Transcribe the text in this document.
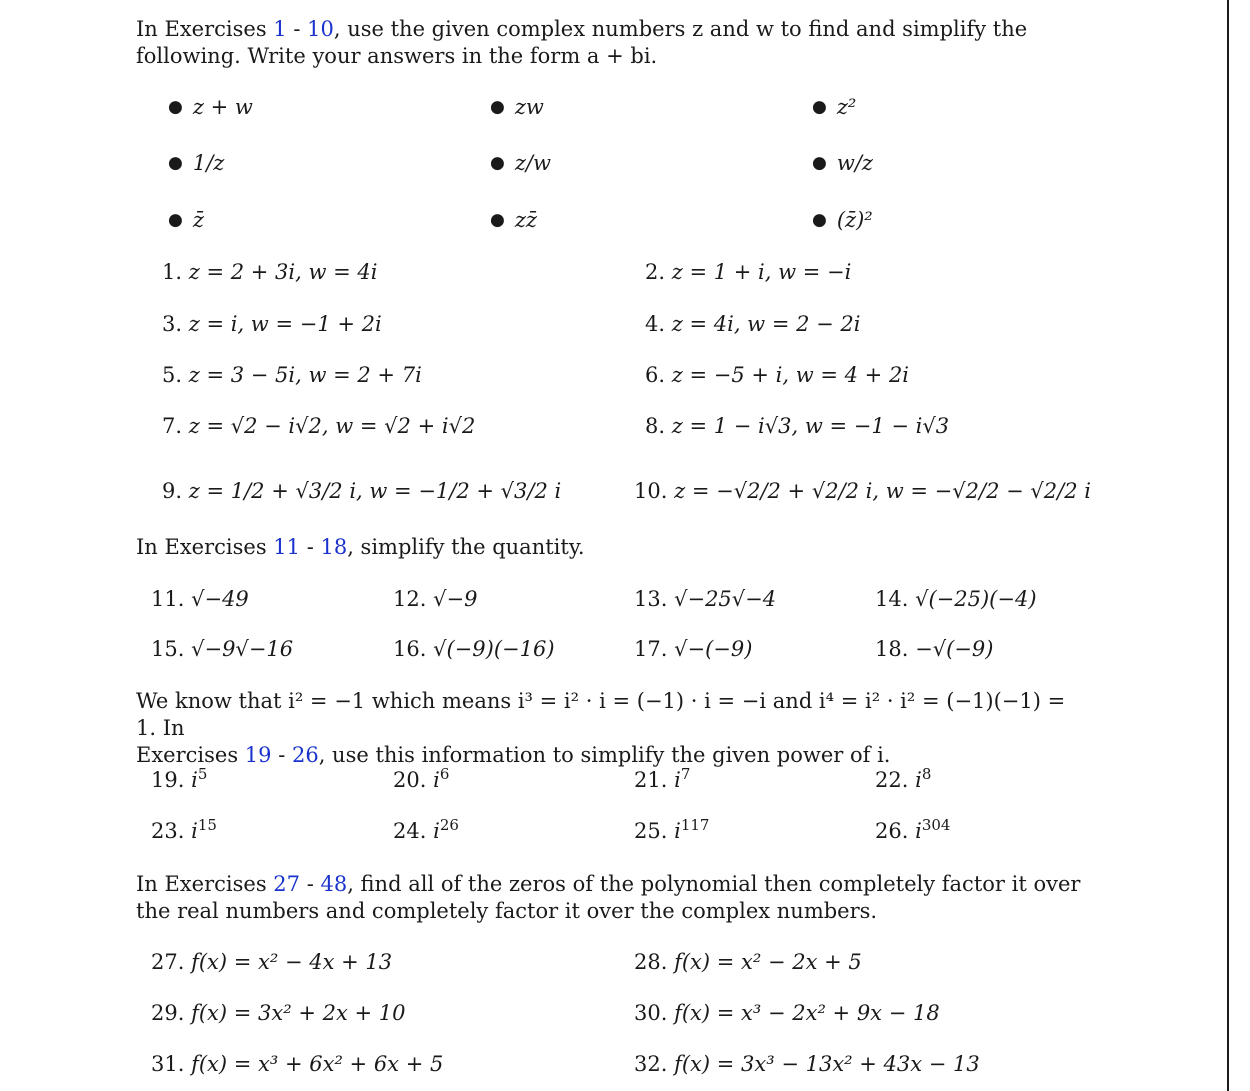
In Exercises 1 - 10, use the given complex numbers z and w to find and simplify the following. Write your answers in the form a + bi.
● z + w	● zw	● z²
● 1/z	● z/w	● w/z
● z̄	● zz̄	● (z̄)²
1. z = 2 + 3i, w = 4i	2. z = 1 + i, w = −i
3. z = i, w = −1 + 2i	4. z = 4i, w = 2 − 2i
5. z = 3 − 5i, w = 2 + 7i	6. z = −5 + i, w = 4 + 2i
7. z = √2 − i√2, w = √2 + i√2	8. z = 1 − i√3, w = −1 − i√3
9. z = 1/2 + √3/2 i, w = −1/2 + √3/2 i	10. z = −√2/2 + √2/2 i, w = −√2/2 − √2/2 i
In Exercises 11 - 18, simplify the quantity.
11. √−49	12. √−9	13. √−25√−4	14. √(−25)(−4)
15. √−9√−16	16. √(−9)(−16)	17. √−(−9)	18. −√(−9)
We know that i² = −1 which means i³ = i² · i = (−1) · i = −i and i⁴ = i² · i² = (−1)(−1) = 1. In
Exercises 19 - 26, use this information to simplify the given power of i.
19. $i^5$	20. $i^6$	21. $i^7$	22. $i^8$
23. $i^{15}$	24. $i^{26}$	25. $i^{117}$	26. $i^{304}$
In Exercises 27 - 48, find all of the zeros of the polynomial then completely factor it over the real numbers and completely factor it over the complex numbers.
27. f(x) = x² − 4x + 13	28. f(x) = x² − 2x + 5
29. f(x) = 3x² + 2x + 10	30. f(x) = x³ − 2x² + 9x − 18
31. f(x) = x³ + 6x² + 6x + 5	32. f(x) = 3x³ − 13x² + 43x − 13
